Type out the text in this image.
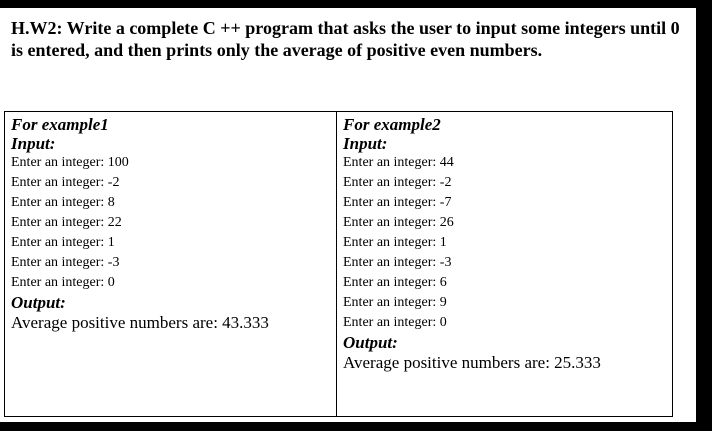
H.W2: Write a complete C ++ program that asks the user to input some integers until 0 is entered, and then prints only the average of positive even numbers.

For example1
Input:
Enter an integer: 100
Enter an integer: -2
Enter an integer: 8
Enter an integer: 22
Enter an integer: 1
Enter an integer: -3
Enter an integer: 0
Output:
Average positive numbers are: 43.333

For example2
Input:
Enter an integer: 44
Enter an integer: -2
Enter an integer: -7
Enter an integer: 26
Enter an integer: 1
Enter an integer: -3
Enter an integer: 6
Enter an integer: 9
Enter an integer: 0
Output:
Average positive numbers are: 25.333
